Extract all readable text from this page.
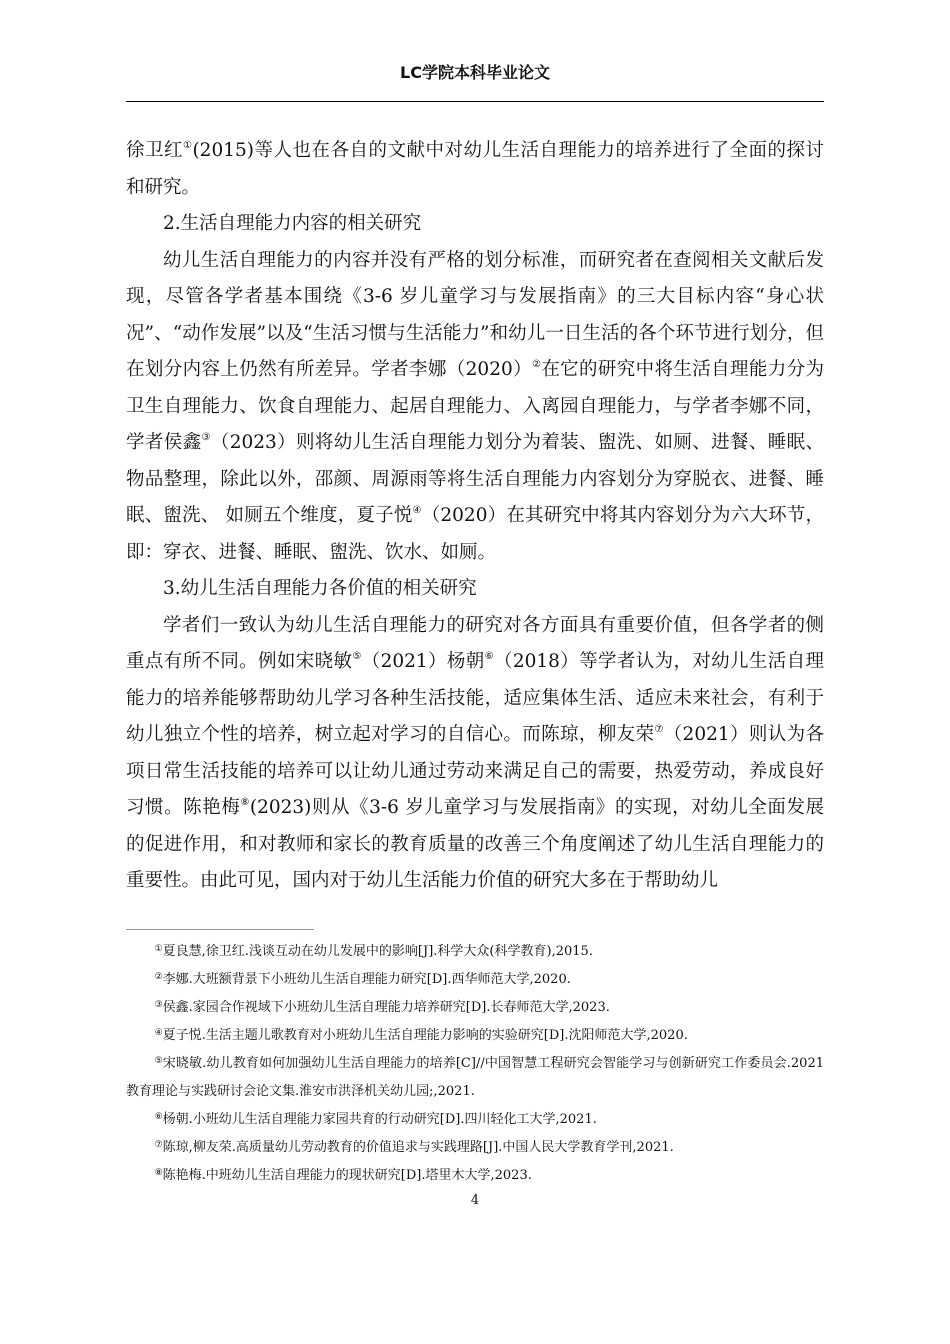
LC学院本科毕业论文

徐卫红①(2015)等人也在各自的文献中对幼儿生活自理能力的培养进行了全面的探讨和研究。

2.生活自理能力内容的相关研究

幼儿生活自理能力的内容并没有严格的划分标准，而研究者在查阅相关文献后发现，尽管各学者基本围绕《3-6 岁儿童学习与发展指南》的三大目标内容“身心状况”、“动作发展”以及“生活习惯与生活能力”和幼儿一日生活的各个环节进行划分，但在划分内容上仍然有所差异。学者李娜（2020）②在它的研究中将生活自理能力分为卫生自理能力、饮食自理能力、起居自理能力、入离园自理能力，与学者李娜不同，学者侯鑫③（2023）则将幼儿生活自理能力划分为着装、盥洗、如厕、进餐、睡眠、物品整理，除此以外，邵颜、周源雨等将生活自理能力内容划分为穿脱衣、进餐、睡眠、盥洗、 如厕五个维度，夏子悦④（2020）在其研究中将其内容划分为六大环节，即：穿衣、进餐、睡眠、盥洗、饮水、如厕。

3.幼儿生活自理能力各价值的相关研究

学者们一致认为幼儿生活自理能力的研究对各方面具有重要价值，但各学者的侧重点有所不同。例如宋晓敏⑤（2021）杨朝⑥（2018）等学者认为，对幼儿生活自理能力的培养能够帮助幼儿学习各种生活技能，适应集体生活、适应未来社会，有利于幼儿独立个性的培养，树立起对学习的自信心。而陈琼，柳友荣⑦（2021）则认为各项日常生活技能的培养可以让幼儿通过劳动来满足自己的需要，热爱劳动，养成良好习惯。陈艳梅⑧(2023)则从《3-6 岁儿童学习与发展指南》的实现，对幼儿全面发展的促进作用，和对教师和家长的教育质量的改善三个角度阐述了幼儿生活自理能力的重要性。由此可见，国内对于幼儿生活能力价值的研究大多在于帮助幼儿

①夏良慧,徐卫红.浅谈互动在幼儿发展中的影响[J].科学大众(科学教育),2015.

②李娜.大班额背景下小班幼儿生活自理能力研究[D].西华师范大学,2020.

③侯鑫.家园合作视域下小班幼儿生活自理能力培养研究[D].长春师范大学,2023.

④夏子悦.生活主题儿歌教育对小班幼儿生活自理能力影响的实验研究[D].沈阳师范大学,2020.

⑤宋晓敏.幼儿教育如何加强幼儿生活自理能力的培养[C]//中国智慧工程研究会智能学习与创新研究工作委员会.2021 教育理论与实践研讨会论文集.淮安市洪泽机关幼儿园;,2021.

⑥杨朝.小班幼儿生活自理能力家园共育的行动研究[D].四川轻化工大学,2021.

⑦陈琼,柳友荣.高质量幼儿劳动教育的价值追求与实践理路[J].中国人民大学教育学刊,2021.

⑧陈艳梅.中班幼儿生活自理能力的现状研究[D].塔里木大学,2023.

4
